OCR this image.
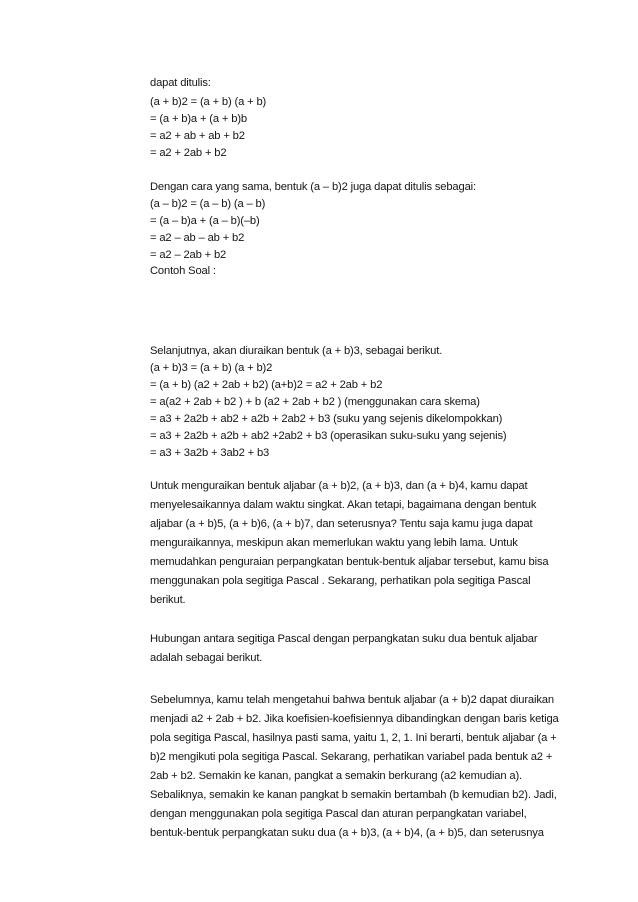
dapat ditulis:
(a + b)2 = (a + b) (a + b)
= (a + b)a + (a + b)b
= a2 + ab + ab + b2
= a2 + 2ab + b2
Dengan cara yang sama, bentuk (a – b)2 juga dapat ditulis sebagai:
(a – b)2 = (a – b) (a – b)
= (a – b)a + (a – b)(–b)
= a2 – ab – ab + b2
= a2 – 2ab + b2
Contoh Soal :
Selanjutnya, akan diuraikan bentuk (a + b)3, sebagai berikut.
(a + b)3 = (a + b) (a + b)2
= (a + b) (a2 + 2ab + b2) (a+b)2 = a2 + 2ab + b2
= a(a2 + 2ab + b2 ) + b (a2 + 2ab + b2 ) (menggunakan cara skema)
= a3 + 2a2b + ab2 + a2b + 2ab2 + b3 (suku yang sejenis dikelompokkan)
= a3 + 2a2b + a2b + ab2 +2ab2 + b3 (operasikan suku-suku yang sejenis)
= a3 + 3a2b + 3ab2 + b3
Untuk menguraikan bentuk aljabar (a + b)2, (a + b)3, dan (a + b)4, kamu dapat
menyelesaikannya dalam waktu singkat. Akan tetapi, bagaimana dengan bentuk
aljabar (a + b)5, (a + b)6, (a + b)7, dan seterusnya? Tentu saja kamu juga dapat
menguraikannya, meskipun akan memerlukan waktu yang lebih lama. Untuk
memudahkan penguraian perpangkatan bentuk-bentuk aljabar tersebut, kamu bisa
menggunakan pola segitiga Pascal . Sekarang, perhatikan pola segitiga Pascal
berikut.
Hubungan antara segitiga Pascal dengan perpangkatan suku dua bentuk aljabar
adalah sebagai berikut.
Sebelumnya, kamu telah mengetahui bahwa bentuk aljabar (a + b)2 dapat diuraikan
menjadi a2 + 2ab + b2. Jika koefisien-koefisiennya dibandingkan dengan baris ketiga
pola segitiga Pascal, hasilnya pasti sama, yaitu 1, 2, 1. Ini berarti, bentuk aljabar (a +
b)2 mengikuti pola segitiga Pascal. Sekarang, perhatikan variabel pada bentuk a2 +
2ab + b2. Semakin ke kanan, pangkat a semakin berkurang (a2 kemudian a).
Sebaliknya, semakin ke kanan pangkat b semakin bertambah (b kemudian b2). Jadi,
dengan menggunakan pola segitiga Pascal dan aturan perpangkatan variabel,
bentuk-bentuk perpangkatan suku dua (a + b)3, (a + b)4, (a + b)5, dan seterusnya
